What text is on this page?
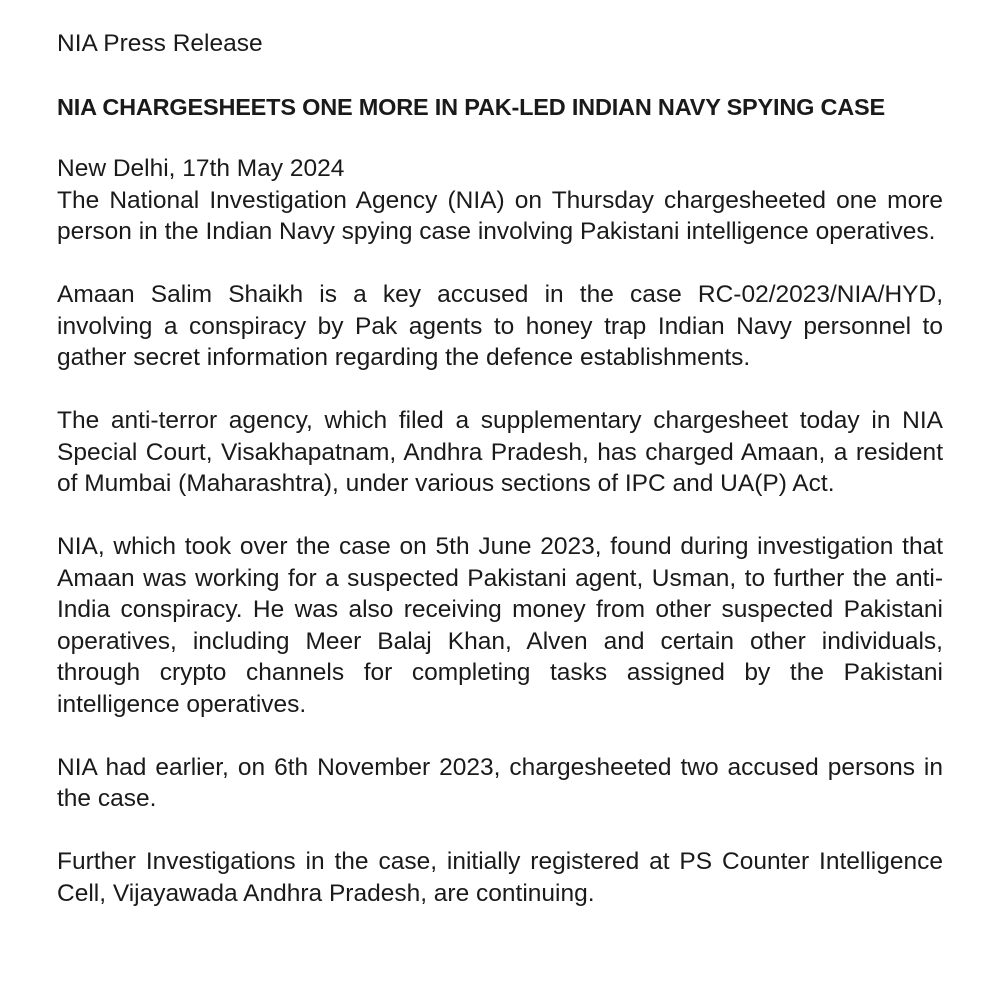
NIA Press Release

NIA CHARGESHEETS ONE MORE IN PAK-LED INDIAN NAVY SPYING CASE

New Delhi, 17th May 2024

The National Investigation Agency (NIA) on Thursday chargesheeted one more person in the Indian Navy spying case involving Pakistani intelligence operatives.

Amaan Salim Shaikh is a key accused in the case RC-02/2023/NIA/HYD, involving a conspiracy by Pak agents to honey trap Indian Navy personnel to gather secret information regarding the defence establishments.

The anti-terror agency, which filed a supplementary chargesheet today in NIA Special Court, Visakhapatnam, Andhra Pradesh, has charged Amaan, a resident of Mumbai (Maharashtra), under various sections of IPC and UA(P) Act.

NIA, which took over the case on 5th June 2023, found during investigation that Amaan was working for a suspected Pakistani agent, Usman, to further the anti-India conspiracy. He was also receiving money from other suspected Pakistani operatives, including Meer Balaj Khan, Alven and certain other individuals, through crypto channels for completing tasks assigned by the Pakistani intelligence operatives.

NIA had earlier, on 6th November 2023, chargesheeted two accused persons in the case.

Further Investigations in the case, initially registered at PS Counter Intelligence Cell, Vijayawada Andhra Pradesh, are continuing.
